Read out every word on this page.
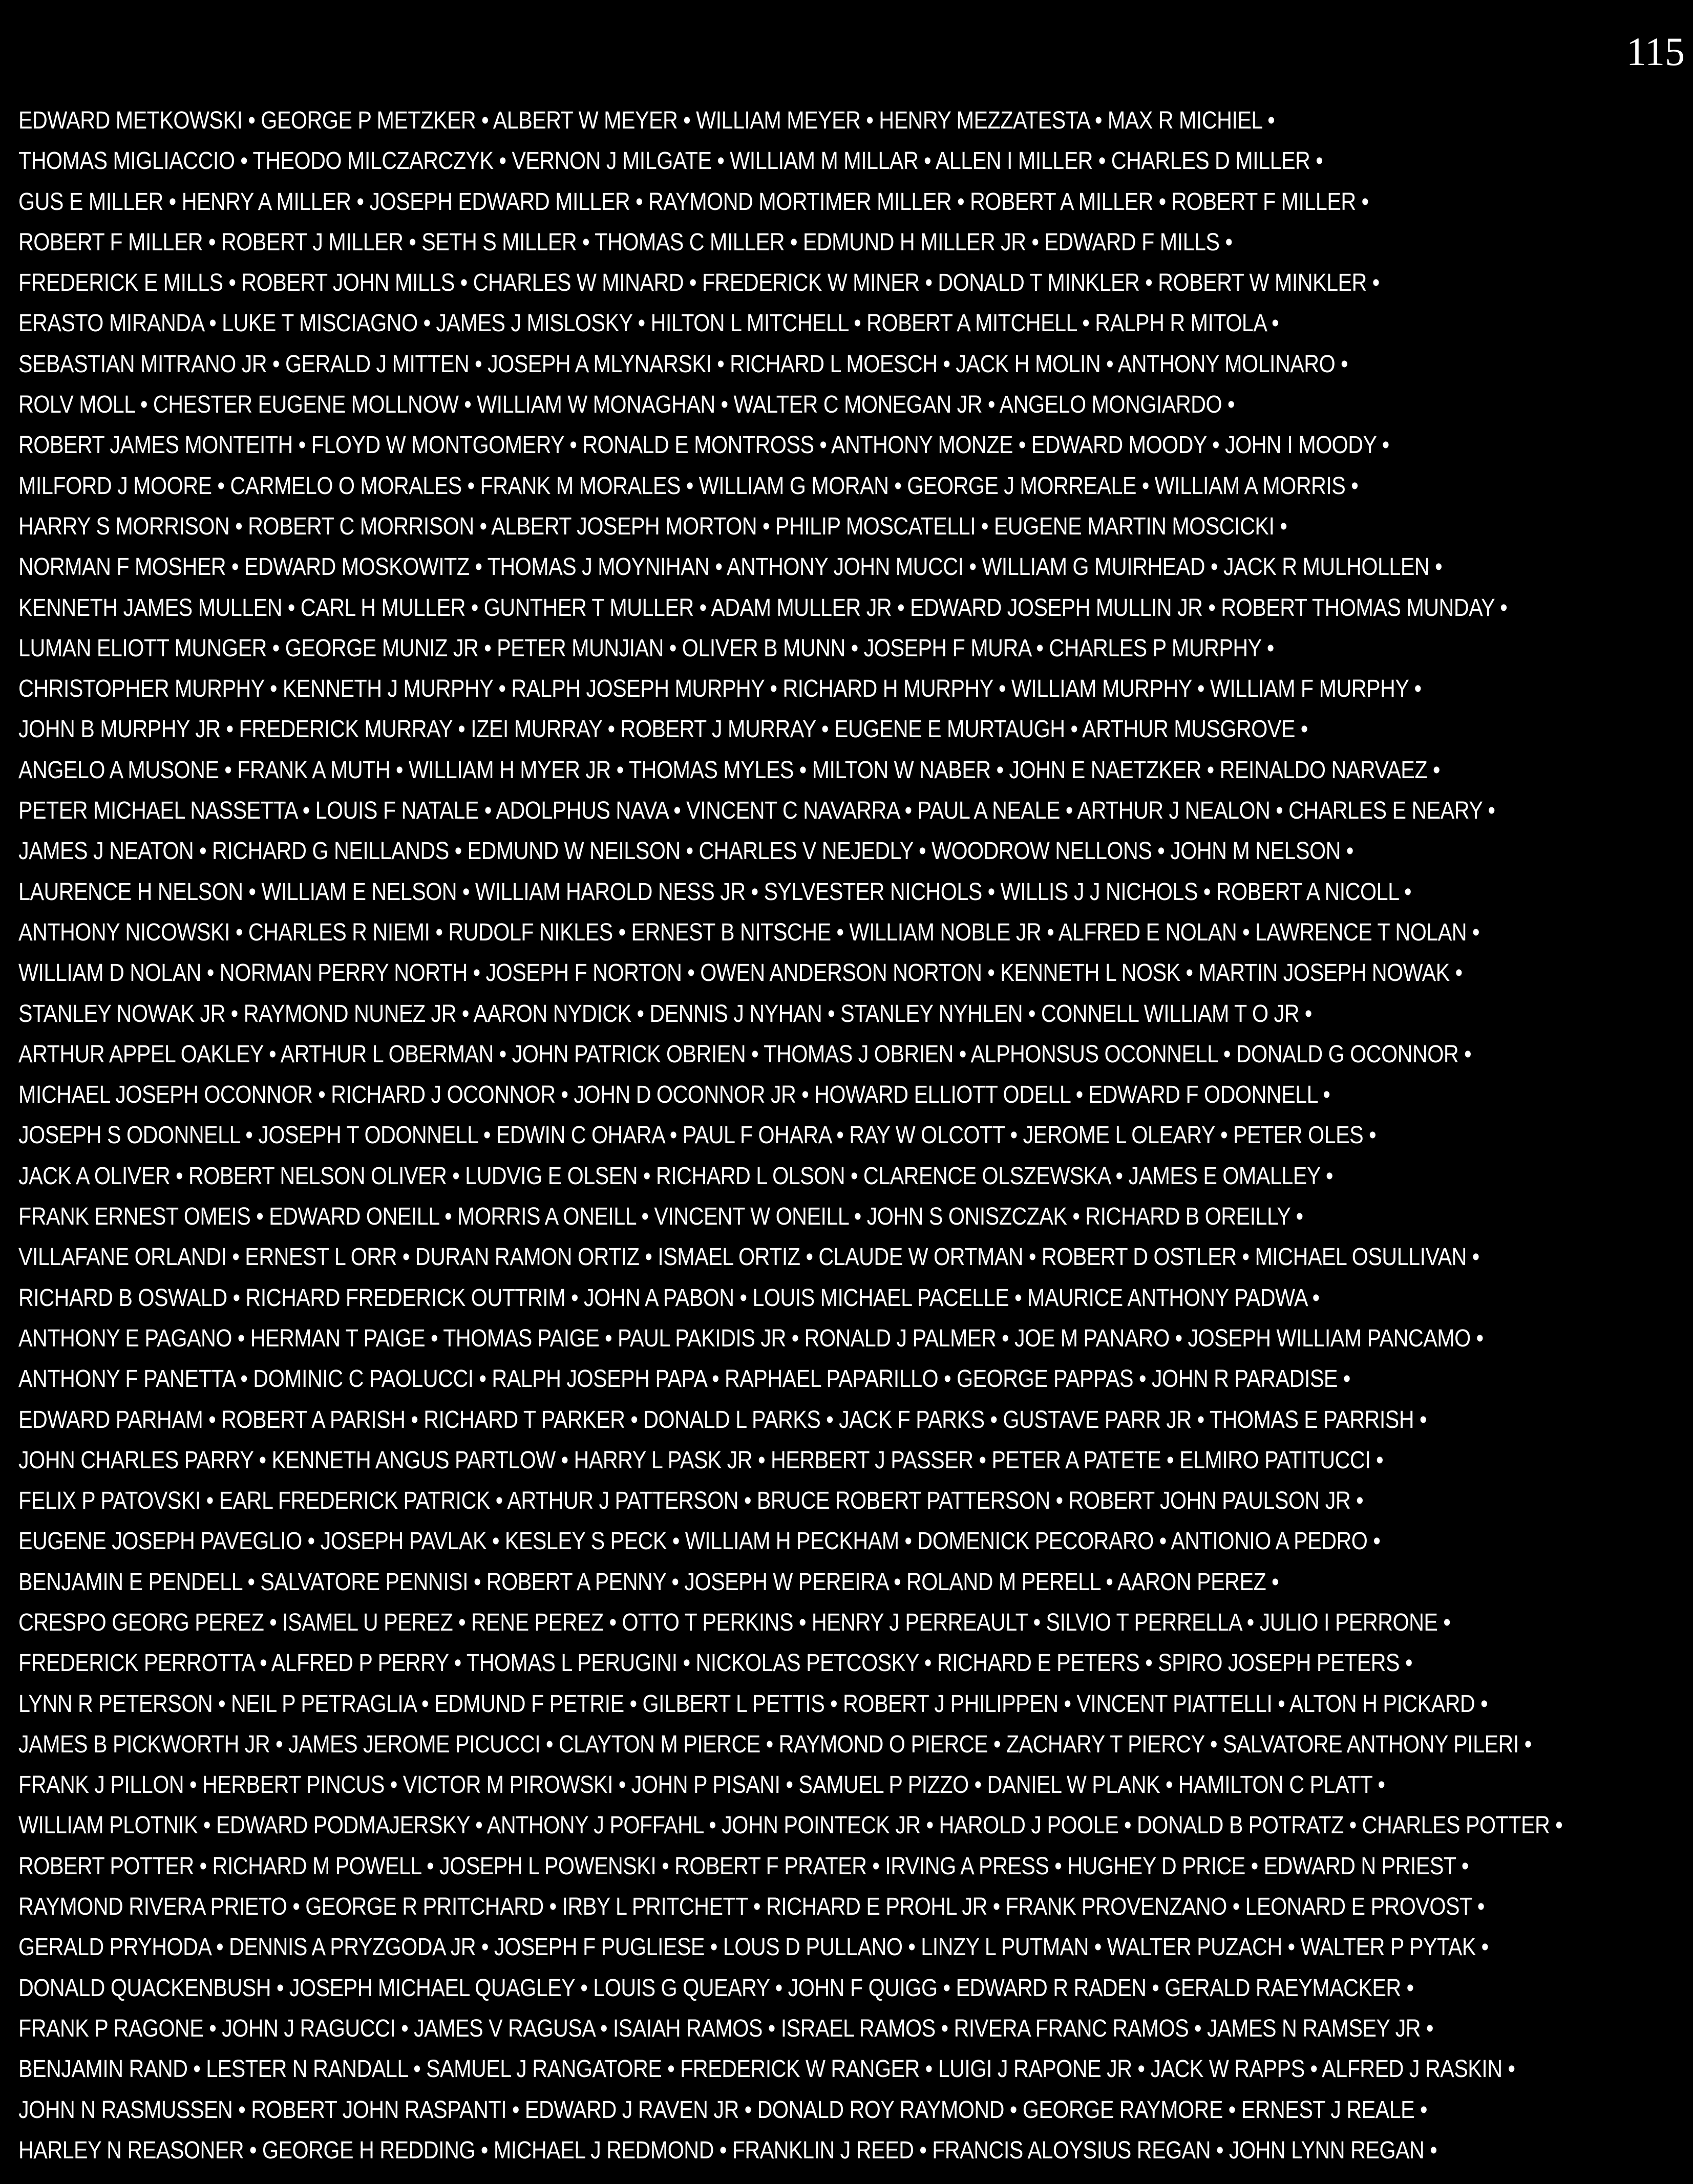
115
EDWARD METKOWSKI • GEORGE P METZKER • ALBERT W MEYER • WILLIAM MEYER • HENRY MEZZATESTA • MAX R MICHIEL •
THOMAS MIGLIACCIO • THEODO MILCZARCZYK • VERNON J MILGATE • WILLIAM M MILLAR • ALLEN I MILLER • CHARLES D MILLER •
GUS E MILLER • HENRY A MILLER • JOSEPH EDWARD MILLER • RAYMOND MORTIMER MILLER • ROBERT A MILLER • ROBERT F MILLER •
ROBERT F MILLER • ROBERT J MILLER • SETH S MILLER • THOMAS C MILLER • EDMUND H MILLER JR • EDWARD F MILLS •
FREDERICK E MILLS • ROBERT JOHN MILLS • CHARLES W MINARD • FREDERICK W MINER • DONALD T MINKLER • ROBERT W MINKLER •
ERASTO MIRANDA • LUKE T MISCIAGNO • JAMES J MISLOSKY • HILTON L MITCHELL • ROBERT A MITCHELL • RALPH R MITOLA •
SEBASTIAN MITRANO JR • GERALD J MITTEN • JOSEPH A MLYNARSKI • RICHARD L MOESCH • JACK H MOLIN • ANTHONY MOLINARO •
ROLV MOLL • CHESTER EUGENE MOLLNOW • WILLIAM W MONAGHAN • WALTER C MONEGAN JR • ANGELO MONGIARDO •
ROBERT JAMES MONTEITH • FLOYD W MONTGOMERY • RONALD E MONTROSS • ANTHONY MONZE • EDWARD MOODY • JOHN I MOODY •
MILFORD J MOORE • CARMELO O MORALES • FRANK M MORALES • WILLIAM G MORAN • GEORGE J MORREALE • WILLIAM A MORRIS •
HARRY S MORRISON • ROBERT C MORRISON • ALBERT JOSEPH MORTON • PHILIP MOSCATELLI • EUGENE MARTIN MOSCICKI •
NORMAN F MOSHER • EDWARD MOSKOWITZ • THOMAS J MOYNIHAN • ANTHONY JOHN MUCCI • WILLIAM G MUIRHEAD • JACK R MULHOLLEN •
KENNETH JAMES MULLEN • CARL H MULLER • GUNTHER T MULLER • ADAM MULLER JR • EDWARD JOSEPH MULLIN JR • ROBERT THOMAS MUNDAY •
LUMAN ELIOTT MUNGER • GEORGE MUNIZ JR • PETER MUNJIAN • OLIVER B MUNN • JOSEPH F MURA • CHARLES P MURPHY •
CHRISTOPHER MURPHY • KENNETH J MURPHY • RALPH JOSEPH MURPHY • RICHARD H MURPHY • WILLIAM MURPHY • WILLIAM F MURPHY •
JOHN B MURPHY JR • FREDERICK MURRAY • IZEI MURRAY • ROBERT J MURRAY • EUGENE E MURTAUGH • ARTHUR MUSGROVE •
ANGELO A MUSONE • FRANK A MUTH • WILLIAM H MYER JR • THOMAS MYLES • MILTON W NABER • JOHN E NAETZKER • REINALDO NARVAEZ •
PETER MICHAEL NASSETTA • LOUIS F NATALE • ADOLPHUS NAVA • VINCENT C NAVARRA • PAUL A NEALE • ARTHUR J NEALON • CHARLES E NEARY •
JAMES J NEATON • RICHARD G NEILLANDS • EDMUND W NEILSON • CHARLES V NEJEDLY • WOODROW NELLONS • JOHN M NELSON •
LAURENCE H NELSON • WILLIAM E NELSON • WILLIAM HAROLD NESS JR • SYLVESTER NICHOLS • WILLIS J J NICHOLS • ROBERT A NICOLL •
ANTHONY NICOWSKI • CHARLES R NIEMI • RUDOLF NIKLES • ERNEST B NITSCHE • WILLIAM NOBLE JR • ALFRED E NOLAN • LAWRENCE T NOLAN •
WILLIAM D NOLAN • NORMAN PERRY NORTH • JOSEPH F NORTON • OWEN ANDERSON NORTON • KENNETH L NOSK • MARTIN JOSEPH NOWAK •
STANLEY NOWAK JR • RAYMOND NUNEZ JR • AARON NYDICK • DENNIS J NYHAN • STANLEY NYHLEN • CONNELL WILLIAM T O JR •
ARTHUR APPEL OAKLEY • ARTHUR L OBERMAN • JOHN PATRICK OBRIEN • THOMAS J OBRIEN • ALPHONSUS OCONNELL • DONALD G OCONNOR •
MICHAEL JOSEPH OCONNOR • RICHARD J OCONNOR • JOHN D OCONNOR JR • HOWARD ELLIOTT ODELL • EDWARD F ODONNELL •
JOSEPH S ODONNELL • JOSEPH T ODONNELL • EDWIN C OHARA • PAUL F OHARA • RAY W OLCOTT • JEROME L OLEARY • PETER OLES •
JACK A OLIVER • ROBERT NELSON OLIVER • LUDVIG E OLSEN • RICHARD L OLSON • CLARENCE OLSZEWSKA • JAMES E OMALLEY •
FRANK ERNEST OMEIS • EDWARD ONEILL • MORRIS A ONEILL • VINCENT W ONEILL • JOHN S ONISZCZAK • RICHARD B OREILLY •
VILLAFANE ORLANDI • ERNEST L ORR • DURAN RAMON ORTIZ • ISMAEL ORTIZ • CLAUDE W ORTMAN • ROBERT D OSTLER • MICHAEL OSULLIVAN •
RICHARD B OSWALD • RICHARD FREDERICK OUTTRIM • JOHN A PABON • LOUIS MICHAEL PACELLE • MAURICE ANTHONY PADWA •
ANTHONY E PAGANO • HERMAN T PAIGE • THOMAS PAIGE • PAUL PAKIDIS JR • RONALD J PALMER • JOE M PANARO • JOSEPH WILLIAM PANCAMO •
ANTHONY F PANETTA • DOMINIC C PAOLUCCI • RALPH JOSEPH PAPA • RAPHAEL PAPARILLO • GEORGE PAPPAS • JOHN R PARADISE •
EDWARD PARHAM • ROBERT A PARISH • RICHARD T PARKER • DONALD L PARKS • JACK F PARKS • GUSTAVE PARR JR • THOMAS E PARRISH •
JOHN CHARLES PARRY • KENNETH ANGUS PARTLOW • HARRY L PASK JR • HERBERT J PASSER • PETER A PATETE • ELMIRO PATITUCCI •
FELIX P PATOVSKI • EARL FREDERICK PATRICK • ARTHUR J PATTERSON • BRUCE ROBERT PATTERSON • ROBERT JOHN PAULSON JR •
EUGENE JOSEPH PAVEGLIO • JOSEPH PAVLAK • KESLEY S PECK • WILLIAM H PECKHAM • DOMENICK PECORARO • ANTIONIO A PEDRO •
BENJAMIN E PENDELL • SALVATORE PENNISI • ROBERT A PENNY • JOSEPH W PEREIRA • ROLAND M PERELL • AARON PEREZ •
CRESPO GEORG PEREZ • ISAMEL U PEREZ • RENE PEREZ • OTTO T PERKINS • HENRY J PERREAULT • SILVIO T PERRELLA • JULIO I PERRONE •
FREDERICK PERROTTA • ALFRED P PERRY • THOMAS L PERUGINI • NICKOLAS PETCOSKY • RICHARD E PETERS • SPIRO JOSEPH PETERS •
LYNN R PETERSON • NEIL P PETRAGLIA • EDMUND F PETRIE • GILBERT L PETTIS • ROBERT J PHILIPPEN • VINCENT PIATTELLI • ALTON H PICKARD •
JAMES B PICKWORTH JR • JAMES JEROME PICUCCI • CLAYTON M PIERCE • RAYMOND O PIERCE • ZACHARY T PIERCY • SALVATORE ANTHONY PILERI •
FRANK J PILLON • HERBERT PINCUS • VICTOR M PIROWSKI • JOHN P PISANI • SAMUEL P PIZZO • DANIEL W PLANK • HAMILTON C PLATT •
WILLIAM PLOTNIK • EDWARD PODMAJERSKY • ANTHONY J POFFAHL • JOHN POINTECK JR • HAROLD J POOLE • DONALD B POTRATZ • CHARLES POTTER •
ROBERT POTTER • RICHARD M POWELL • JOSEPH L POWENSKI • ROBERT F PRATER • IRVING A PRESS • HUGHEY D PRICE • EDWARD N PRIEST •
RAYMOND RIVERA PRIETO • GEORGE R PRITCHARD • IRBY L PRITCHETT • RICHARD E PROHL JR • FRANK PROVENZANO • LEONARD E PROVOST •
GERALD PRYHODA • DENNIS A PRYZGODA JR • JOSEPH F PUGLIESE • LOUS D PULLANO • LINZY L PUTMAN • WALTER PUZACH • WALTER P PYTAK •
DONALD QUACKENBUSH • JOSEPH MICHAEL QUAGLEY • LOUIS G QUEARY • JOHN F QUIGG • EDWARD R RADEN • GERALD RAEYMACKER •
FRANK P RAGONE • JOHN J RAGUCCI • JAMES V RAGUSA • ISAIAH RAMOS • ISRAEL RAMOS • RIVERA FRANC RAMOS • JAMES N RAMSEY JR •
BENJAMIN RAND • LESTER N RANDALL • SAMUEL J RANGATORE • FREDERICK W RANGER • LUIGI J RAPONE JR • JACK W RAPPS • ALFRED J RASKIN •
JOHN N RASMUSSEN • ROBERT JOHN RASPANTI • EDWARD J RAVEN JR • DONALD ROY RAYMOND • GEORGE RAYMORE • ERNEST J REALE •
HARLEY N REASONER • GEORGE H REDDING • MICHAEL J REDMOND • FRANKLIN J REED • FRANCIS ALOYSIUS REGAN • JOHN LYNN REGAN •
